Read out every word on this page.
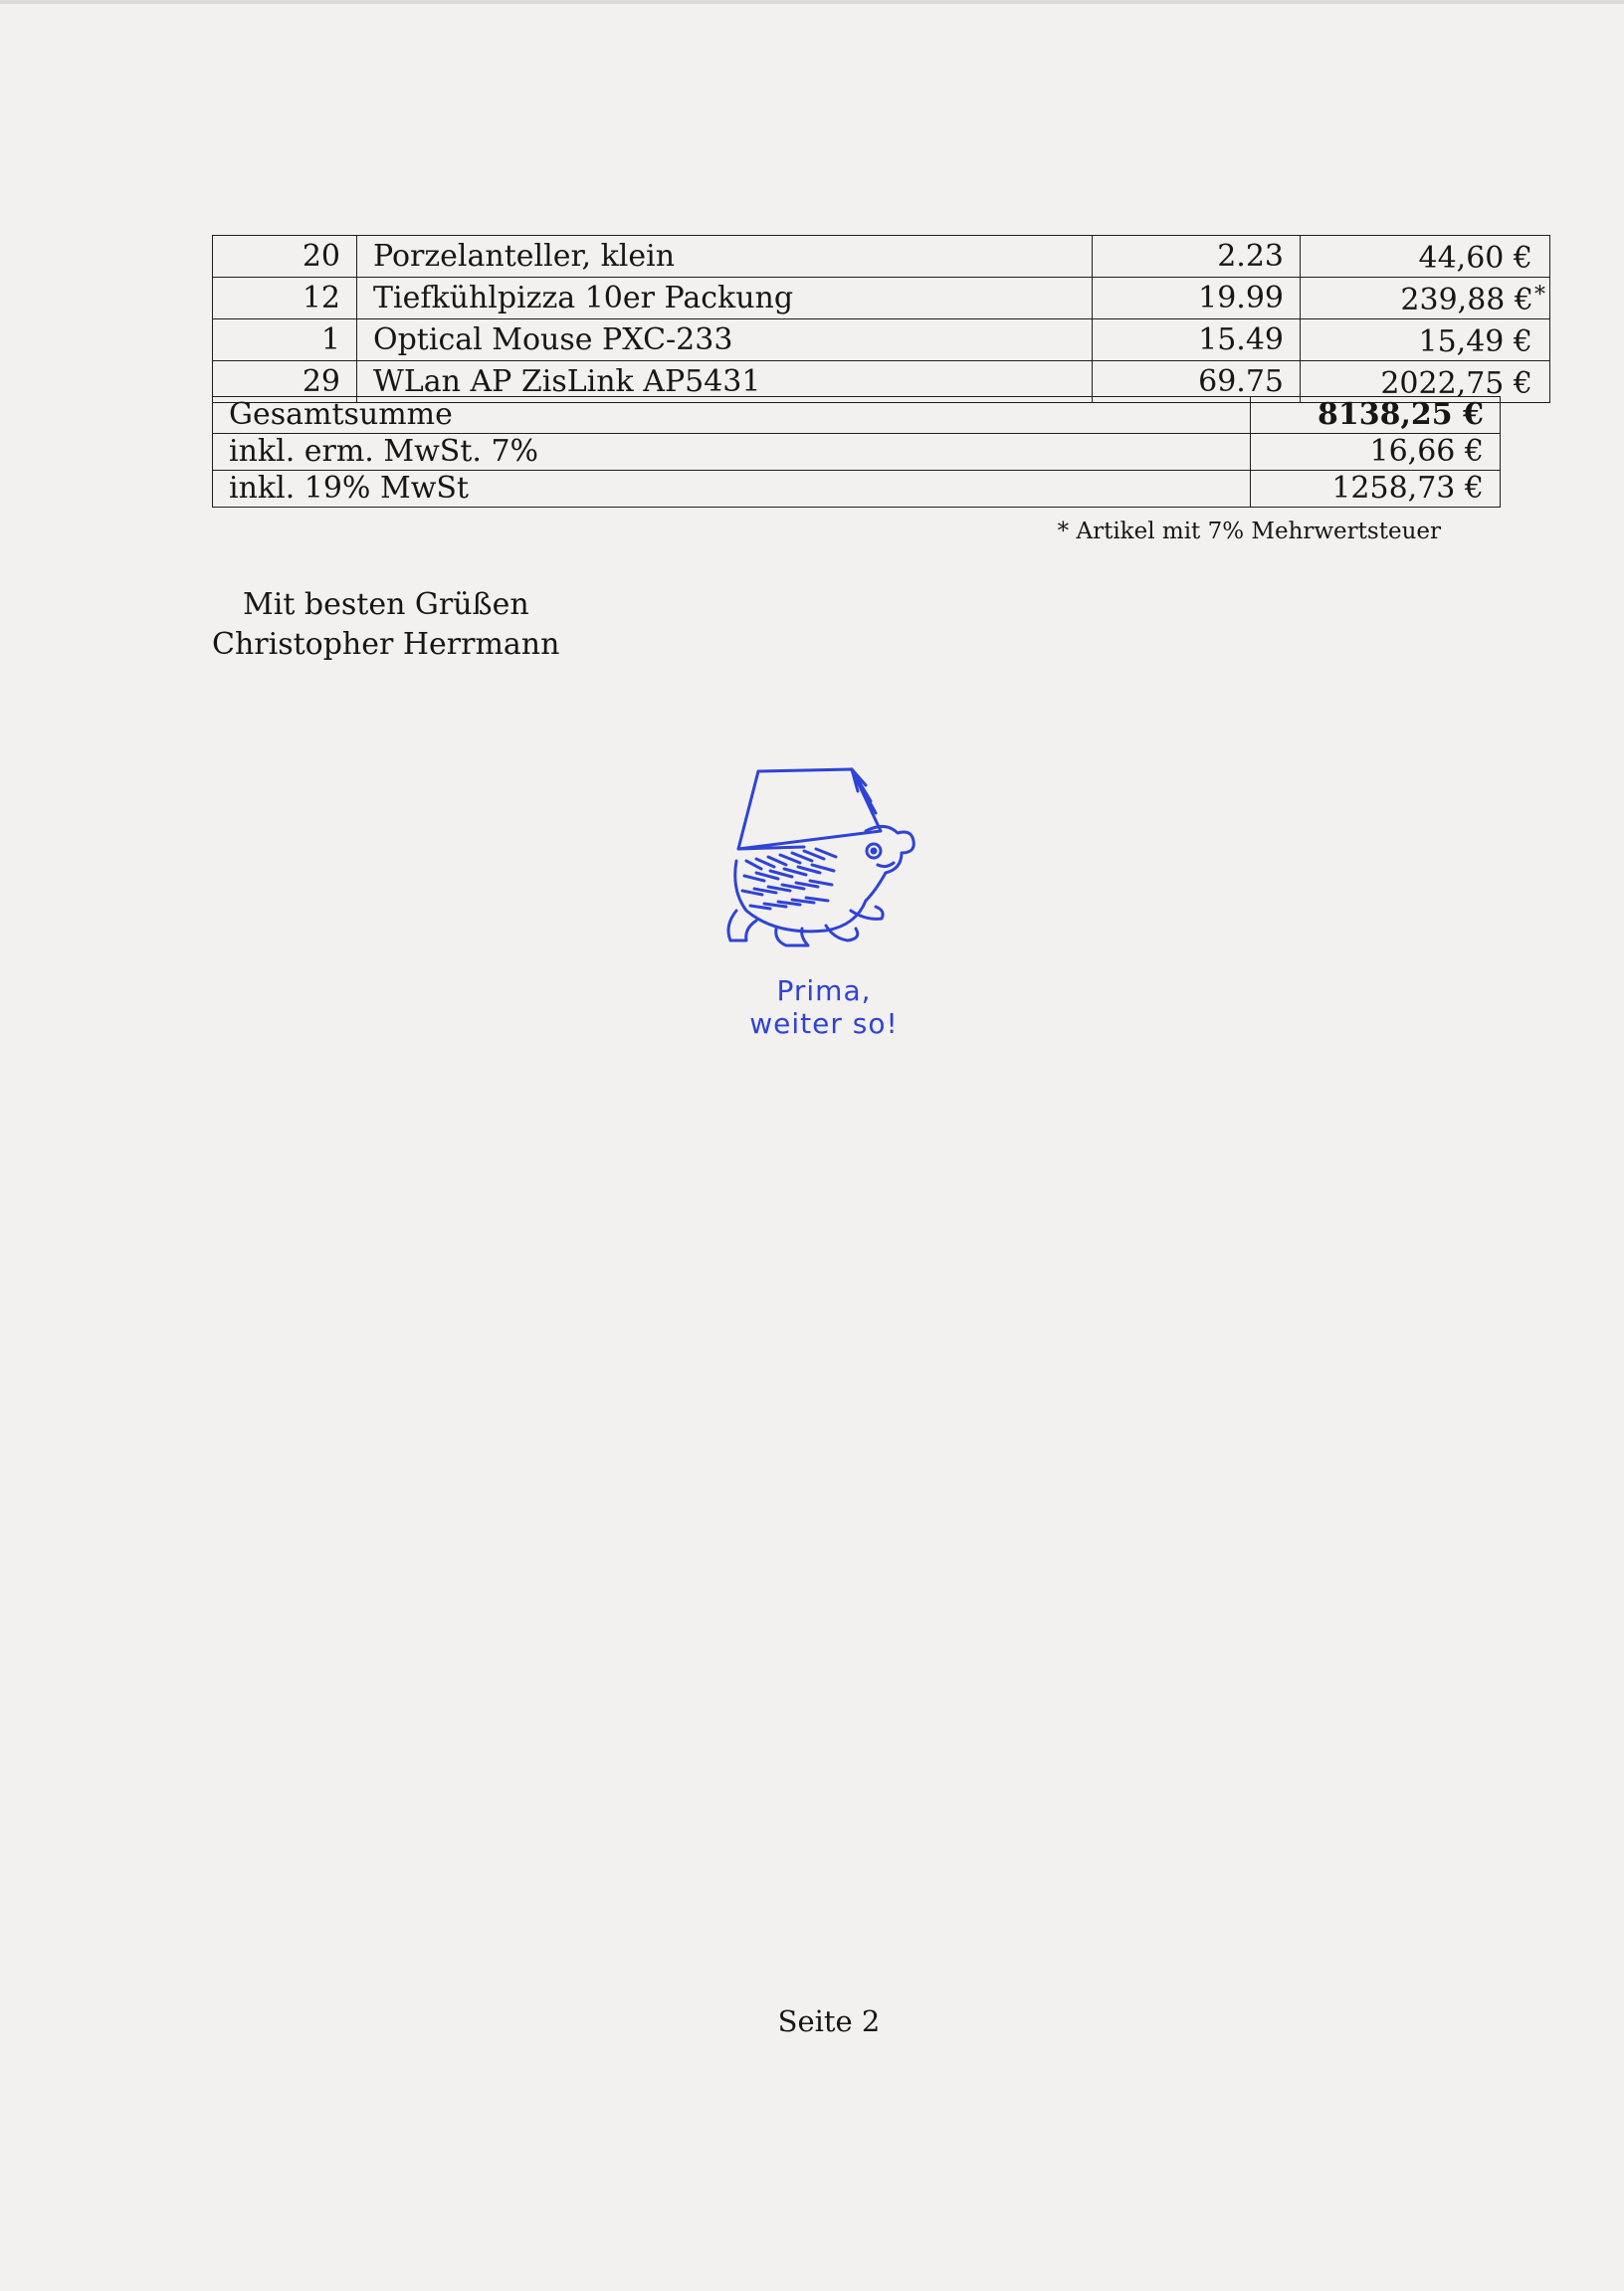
20	Porzelanteller, klein	2.23	44,60 €
12	Tiefkühlpizza 10er Packung	19.99	239,88 €*
1	Optical Mouse PXC-233	15.49	15,49 €
29	WLan AP ZisLink AP5431	69.75	2022,75 €
Gesamtsumme	8138,25 €
inkl. erm. MwSt. 7%	16,66 €
inkl. 19% MwSt	1258,73 €
* Artikel mit 7% Mehrwertsteuer
Mit besten Grüßen
Christopher Herrmann
Prima,
weiter so!
Seite 2
